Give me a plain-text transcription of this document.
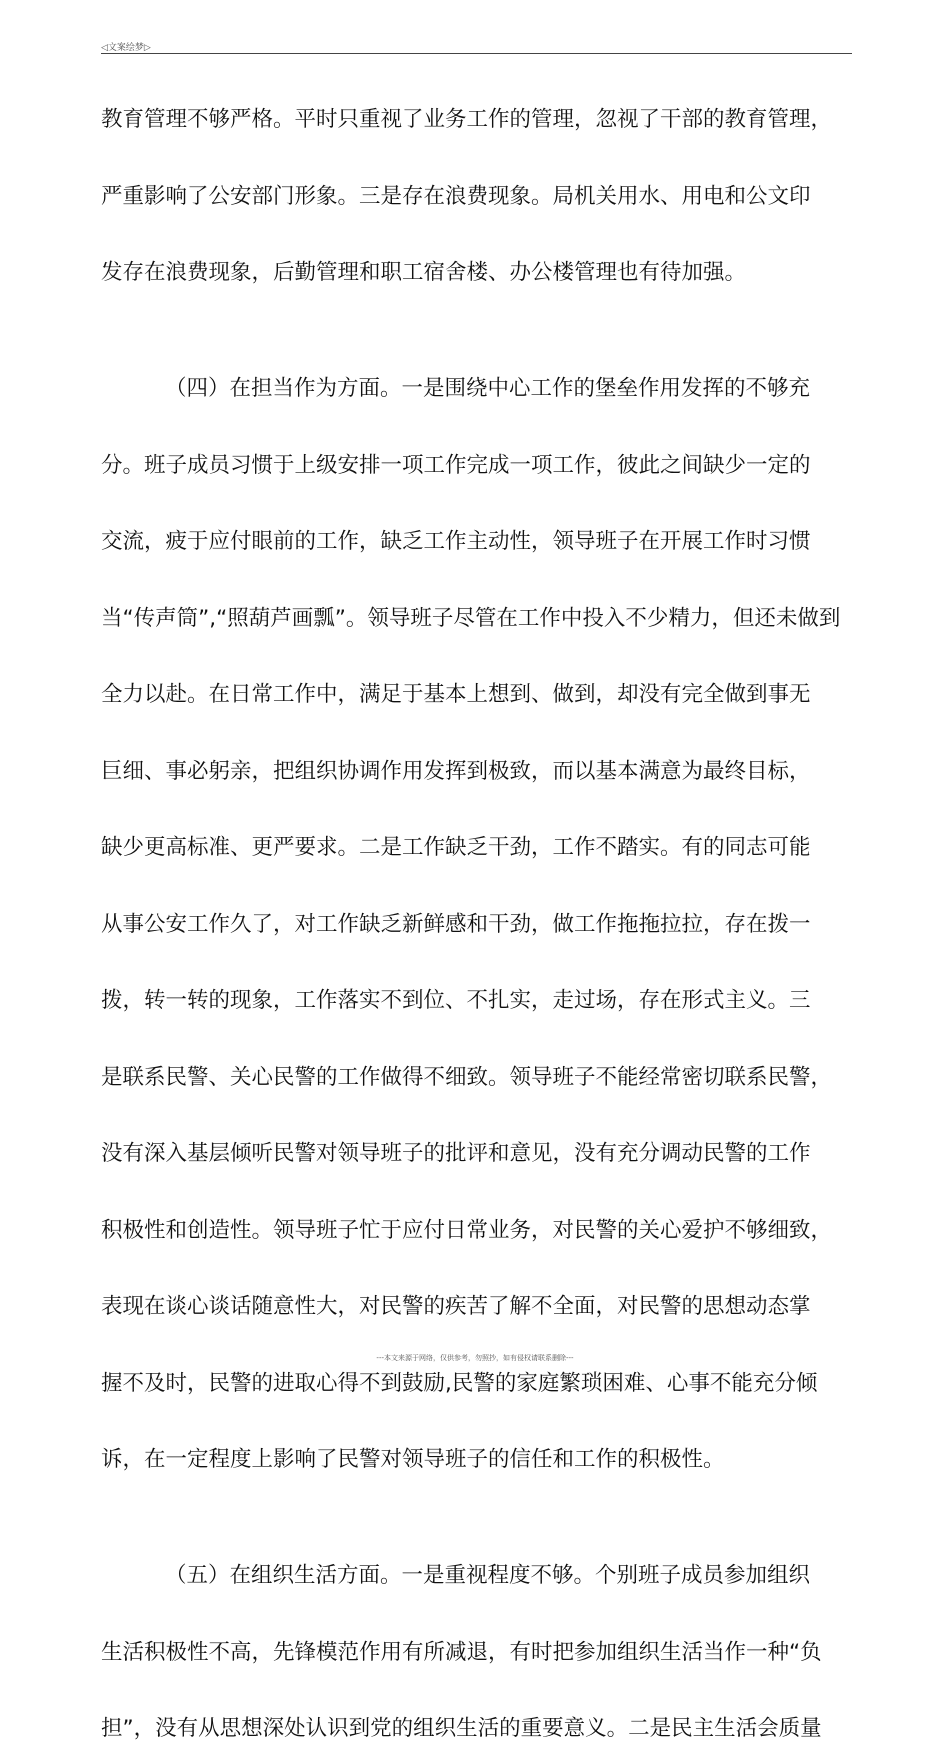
◁文案绘梦▷
教育管理不够严格。平时只重视了业务工作的管理，忽视了干部的教育管理，
严重影响了公安部门形象。三是存在浪费现象。局机关用水、用电和公文印
发存在浪费现象，后勤管理和职工宿舍楼、办公楼管理也有待加强。
（四）在担当作为方面。一是围绕中心工作的堡垒作用发挥的不够充
分。班子成员习惯于上级安排一项工作完成一项工作，彼此之间缺少一定的
交流，疲于应付眼前的工作，缺乏工作主动性，领导班子在开展工作时习惯
当“传声筒”,“照葫芦画瓢”。领导班子尽管在工作中投入不少精力，但还未做到
全力以赴。在日常工作中，满足于基本上想到、做到，却没有完全做到事无
巨细、事必躬亲，把组织协调作用发挥到极致，而以基本满意为最终目标，
缺少更高标准、更严要求。二是工作缺乏干劲，工作不踏实。有的同志可能
从事公安工作久了，对工作缺乏新鲜感和干劲，做工作拖拖拉拉，存在拨一
拨，转一转的现象，工作落实不到位、不扎实，走过场，存在形式主义。三
是联系民警、关心民警的工作做得不细致。领导班子不能经常密切联系民警，
没有深入基层倾听民警对领导班子的批评和意见，没有充分调动民警的工作
积极性和创造性。领导班子忙于应付日常业务，对民警的关心爱护不够细致，
表现在谈心谈话随意性大，对民警的疾苦了解不全面，对民警的思想动态掌
握不及时，民警的进取心得不到鼓励,民警的家庭繁琐困难、心事不能充分倾
诉，在一定程度上影响了民警对领导班子的信任和工作的积极性。
（五）在组织生活方面。一是重视程度不够。个别班子成员参加组织
生活积极性不高，先锋模范作用有所减退，有时把参加组织生活当作一种“负
担”，没有从思想深处认识到党的组织生活的重要意义。二是民主生活会质量
---本文来源于网络，仅供参考，勿照抄，如有侵权请联系删除---
